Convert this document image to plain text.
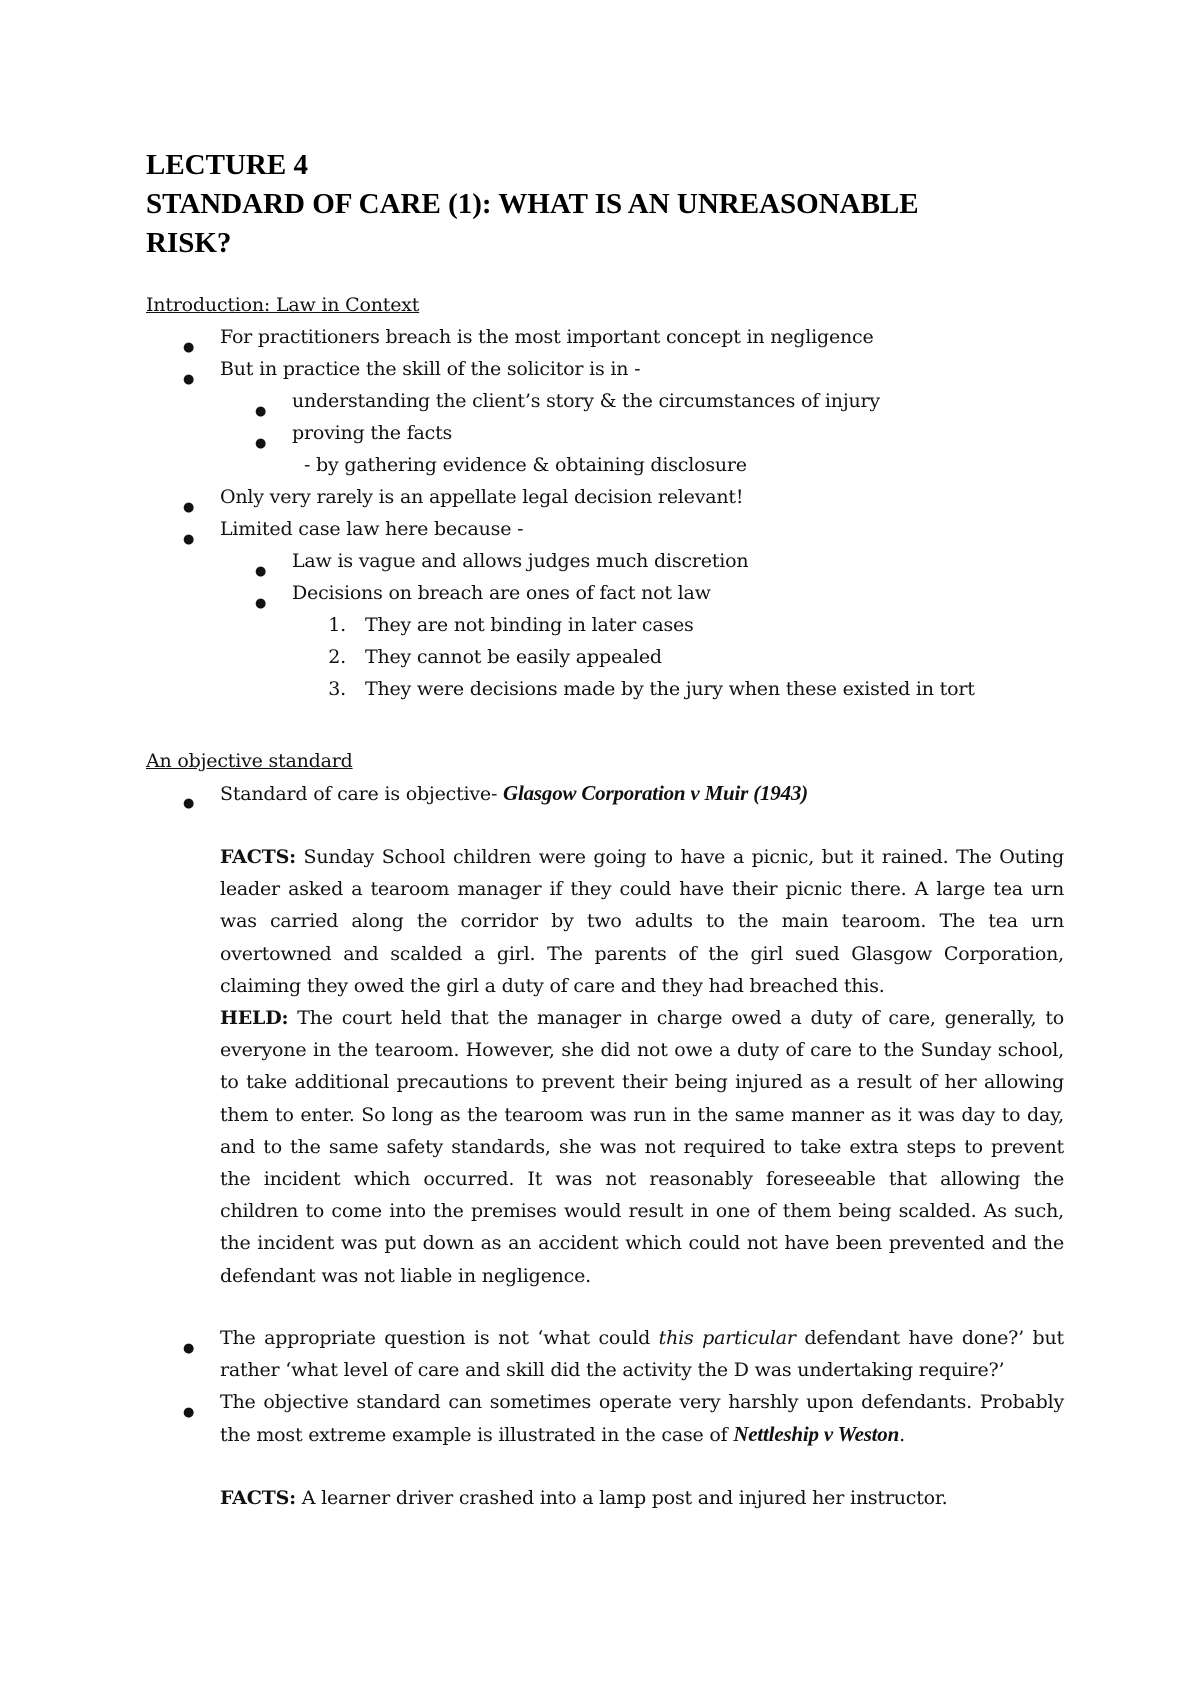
LECTURE 4
STANDARD OF CARE (1): WHAT IS AN UNREASONABLE
RISK?
Introduction: Law in Context
● For practitioners breach is the most important concept in negligence
● But in practice the skill of the solicitor is in -
● understanding the client’s story & the circumstances of injury
● proving the facts
- by gathering evidence & obtaining disclosure
● Only very rarely is an appellate legal decision relevant!
● Limited case law here because -
● Law is vague and allows judges much discretion
● Decisions on breach are ones of fact not law
1. They are not binding in later cases
2. They cannot be easily appealed
3. They were decisions made by the jury when these existed in tort
An objective standard
● Standard of care is objective- Glasgow Corporation v Muir (1943)
FACTS: Sunday School children were going to have a picnic, but it rained. The Outing leader asked a tearoom manager if they could have their picnic there. A large tea urn was carried along the corridor by two adults to the main tearoom. The tea urn overtowned and scalded a girl. The parents of the girl sued Glasgow Corporation, claiming they owed the girl a duty of care and they had breached this.
HELD: The court held that the manager in charge owed a duty of care, generally, to everyone in the tearoom. However, she did not owe a duty of care to the Sunday school, to take additional precautions to prevent their being injured as a result of her allowing them to enter. So long as the tearoom was run in the same manner as it was day to day, and to the same safety standards, she was not required to take extra steps to prevent the incident which occurred. It was not reasonably foreseeable that allowing the children to come into the premises would result in one of them being scalded. As such, the incident was put down as an accident which could not have been prevented and the defendant was not liable in negligence.
● The appropriate question is not ‘what could this particular defendant have done?’ but rather ‘what level of care and skill did the activity the D was undertaking require?’
● The objective standard can sometimes operate very harshly upon defendants. Probably the most extreme example is illustrated in the case of Nettleship v Weston.
FACTS: A learner driver crashed into a lamp post and injured her instructor.
